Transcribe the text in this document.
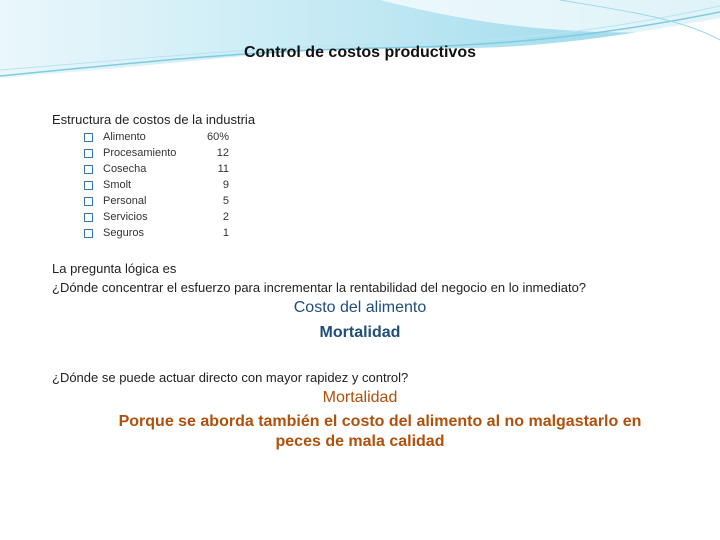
Control de costos productivos
Estructura de costos de la industria
Alimento	60%
Procesamiento	12
Cosecha	11
Smolt	9
Personal	5
Servicios	2
Seguros	1
La pregunta lógica es
¿Dónde concentrar el esfuerzo para incrementar la rentabilidad del negocio en lo inmediato?
Costo del alimento
Mortalidad
¿Dónde se puede actuar directo con mayor rapidez y control?
Mortalidad
Porque se aborda también el costo del alimento al no malgastarlo en
peces de mala calidad
